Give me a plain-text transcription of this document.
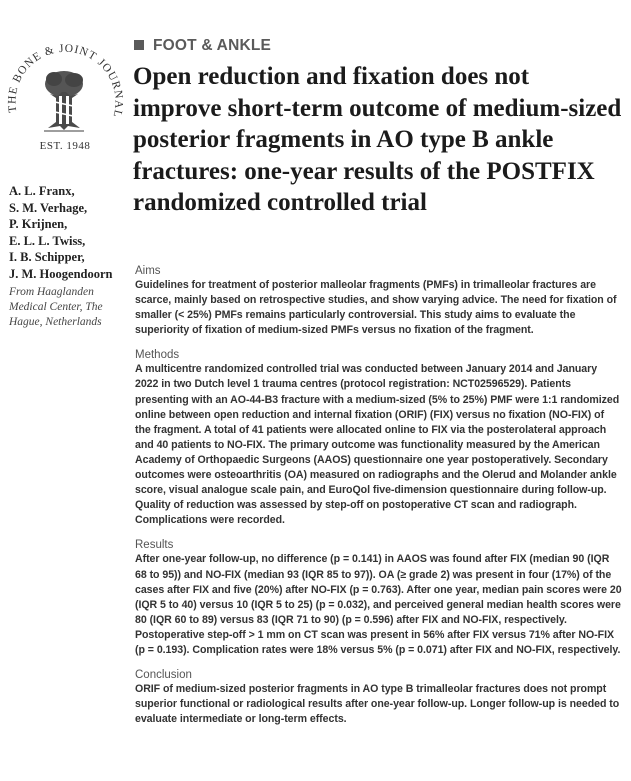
THE BONE & JOINT JOURNAL
EST. 1948
FOOT & ANKLE
Open reduction and fixation does not improve short-term outcome of medium-sized posterior fragments in AO type B ankle fractures: one-year results of the POSTFIX randomized controlled trial
A. L. Franx,
S. M. Verhage,
P. Krijnen,
E. L. L. Twiss,
I. B. Schipper,
J. M. Hoogendoorn
From Haaglanden Medical Center, The Hague, Netherlands
Aims

Guidelines for treatment of posterior malleolar fragments (PMFs) in trimalleolar fractures are scarce, mainly based on retrospective studies, and show varying advice. The need for fixation of smaller (< 25%) PMFs remains particularly controversial. This study aims to evaluate the superiority of fixation of medium-sized PMFs versus no fixation of the fragment.

Methods

A multicentre randomized controlled trial was conducted between January 2014 and January 2022 in two Dutch level 1 trauma centres (protocol registration: NCT02596529). Patients presenting with an AO-44-B3 fracture with a medium-sized (5% to 25%) PMF were 1:1 randomized online between open reduction and internal fixation (ORIF) (FIX) versus no fixation (NO-FIX) of the fragment. A total of 41 patients were allocated online to FIX via the posterolateral approach and 40 patients to NO-FIX. The primary outcome was functionality measured by the American Academy of Orthopaedic Surgeons (AAOS) questionnaire one year postoperatively. Secondary outcomes were osteoarthritis (OA) measured on radiographs and the Olerud and Molander ankle score, visual analogue scale pain, and EuroQol five-dimension questionnaire during follow-up. Quality of reduction was assessed by step-off on postoperative CT scan and radiograph. Complications were recorded.

Results

After one-year follow-up, no difference (p = 0.141) in AAOS was found after FIX (median 90 (IQR 68 to 95)) and NO-FIX (median 93 (IQR 85 to 97)). OA (≥ grade 2) was present in four (17%) of the cases after FIX and five (20%) after NO-FIX (p = 0.763). After one year, median pain scores were 20 (IQR 5 to 40) versus 10 (IQR 5 to 25) (p = 0.032), and perceived general median health scores were 80 (IQR 60 to 89) versus 83 (IQR 71 to 90) (p = 0.596) after FIX and NO-FIX, respectively. Postoperative step-off > 1 mm on CT scan was present in 56% after FIX versus 71% after NO-FIX (p = 0.193). Complication rates were 18% versus 5% (p = 0.071) after FIX and NO-FIX, respectively.

Conclusion

ORIF of medium-sized posterior fragments in AO type B trimalleolar fractures does not prompt superior functional or radiological results after one-year follow-up. Longer follow-up is needed to evaluate intermediate or long-term effects.
